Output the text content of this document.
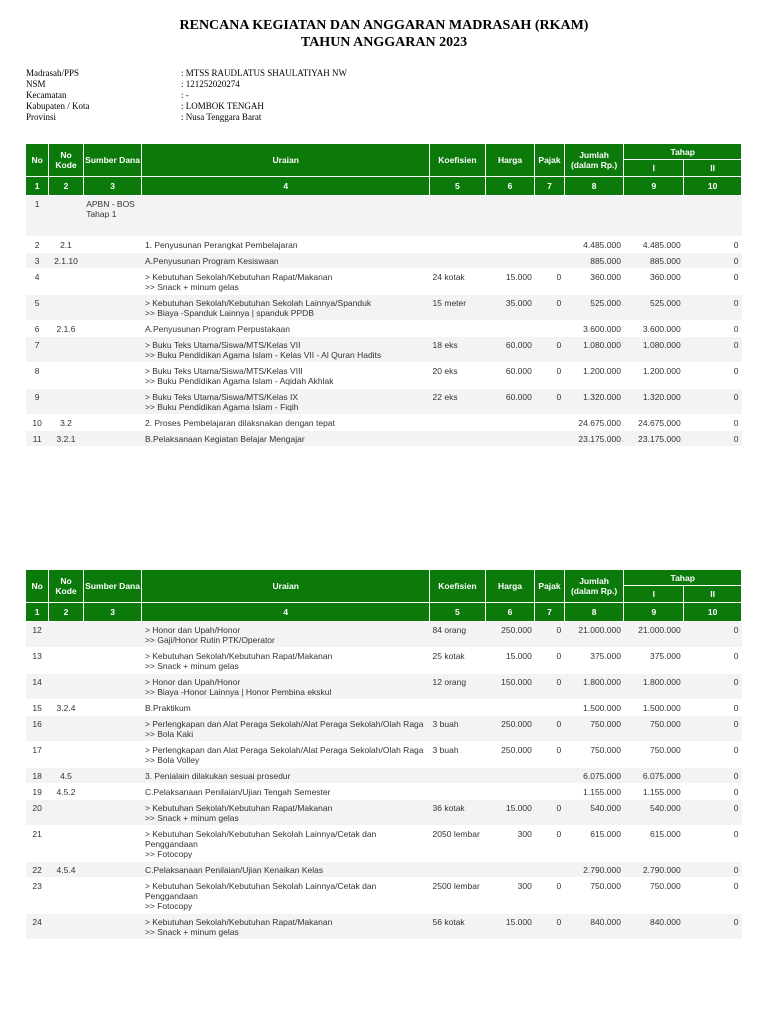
RENCANA KEGIATAN DAN ANGGARAN MADRASAH (RKAM)
TAHUN ANGGARAN 2023
Madrasah/PPS	: MTSS RAUDLATUS SHAULATIYAH NW
NSM	: 121252020274
Kecamatan	: -
Kabupaten / Kota	: LOMBOK TENGAH
Provinsi	: Nusa Tenggara Barat
No	No Kode	Sumber Dana	Uraian	Koefisien	Harga	Pajak	Jumlah (dalam Rp.)	Tahap	
								I	II
1	2	3	4	5	6	7	8	9	10
1		APBN - BOS Tahap 1	

2	2.1		1. Penyusunan Perangkat Pembelajaran				4.485.000	4.485.000	0
3	2.1.10		A.Penyusunan Program Kesiswaan				885.000	885.000	0
4			> Kebutuhan Sekolah/Kebutuhan Rapat/Makanan
>> Snack + minum gelas	24 kotak	15.000	0	360.000	360.000	0
5			> Kebutuhan Sekolah/Kebutuhan Sekolah Lainnya/Spanduk
>> Biaya -Spanduk Lainnya | spanduk PPDB	15 meter	35.000	0	525.000	525.000	0
6	2.1.6		A.Penyusunan Program Perpustakaan				3.600.000	3.600.000	0
7			> Buku Teks Utama/Siswa/MTS/Kelas VII
>> Buku Pendidikan Agama Islam - Kelas VII - Al Quran Hadits	18 eks	60.000	0	1.080.000	1.080.000	0
8			> Buku Teks Utama/Siswa/MTS/Kelas VIII
>> Buku Pendidikan Agama Islam - Aqidah Akhlak	20 eks	60.000	0	1.200.000	1.200.000	0
9			> Buku Teks Utama/Siswa/MTS/Kelas IX
>> Buku Pendidikan Agama Islam - Fiqih	22 eks	60.000	0	1.320.000	1.320.000	0
10	3.2		2. Proses Pembelajaran dilaksnakan dengan tepat				24.675.000	24.675.000	0
11	3.2.1		B.Pelaksanaan Kegiatan Belajar Mengajar				23.175.000	23.175.000	0
No	No Kode	Sumber Dana	Uraian	Koefisien	Harga	Pajak	Jumlah (dalam Rp.)	Tahap	
								I	II
1	2	3	4	5	6	7	8	9	10
12			> Honor dan Upah/Honor
>> Gaji/Honor Rutin PTK/Operator	84 orang	250.000	0	21.000.000	21.000.000	0
13			> Kebutuhan Sekolah/Kebutuhan Rapat/Makanan
>> Snack + minum gelas	25 kotak	15.000	0	375.000	375.000	0
14			> Honor dan Upah/Honor
>> Biaya -Honor Lainnya | Honor Pembina ekskul	12 orang	150.000	0	1.800.000	1.800.000	0
15	3.2.4		B.Praktikum				1.500.000	1.500.000	0
16			> Perlengkapan dan Alat Peraga Sekolah/Alat Peraga Sekolah/Olah Raga
>> Bola Kaki	3 buah	250.000	0	750.000	750.000	0
17			> Perlengkapan dan Alat Peraga Sekolah/Alat Peraga Sekolah/Olah Raga
>> Bola Volley	3 buah	250.000	0	750.000	750.000	0
18	4.5		3. Penialain dilakukan sesuai prosedur				6.075.000	6.075.000	0
19	4.5.2		C.Pelaksanaan Penilaian/Ujian Tengah Semester				1.155.000	1.155.000	0
20			> Kebutuhan Sekolah/Kebutuhan Rapat/Makanan
>> Snack + minum gelas	36 kotak	15.000	0	540.000	540.000	0
21			> Kebutuhan Sekolah/Kebutuhan Sekolah Lainnya/Cetak dan Penggandaan
>> Fotocopy	2050 lembar	300	0	615.000	615.000	0
22	4.5.4		C.Pelaksanaan Penilaian/Ujian Kenaikan Kelas				2.790.000	2.790.000	0
23			> Kebutuhan Sekolah/Kebutuhan Sekolah Lainnya/Cetak dan Penggandaan
>> Fotocopy	2500 lembar	300	0	750.000	750.000	0
24			> Kebutuhan Sekolah/Kebutuhan Rapat/Makanan
>> Snack + minum gelas	56 kotak	15.000	0	840.000	840.000	0
